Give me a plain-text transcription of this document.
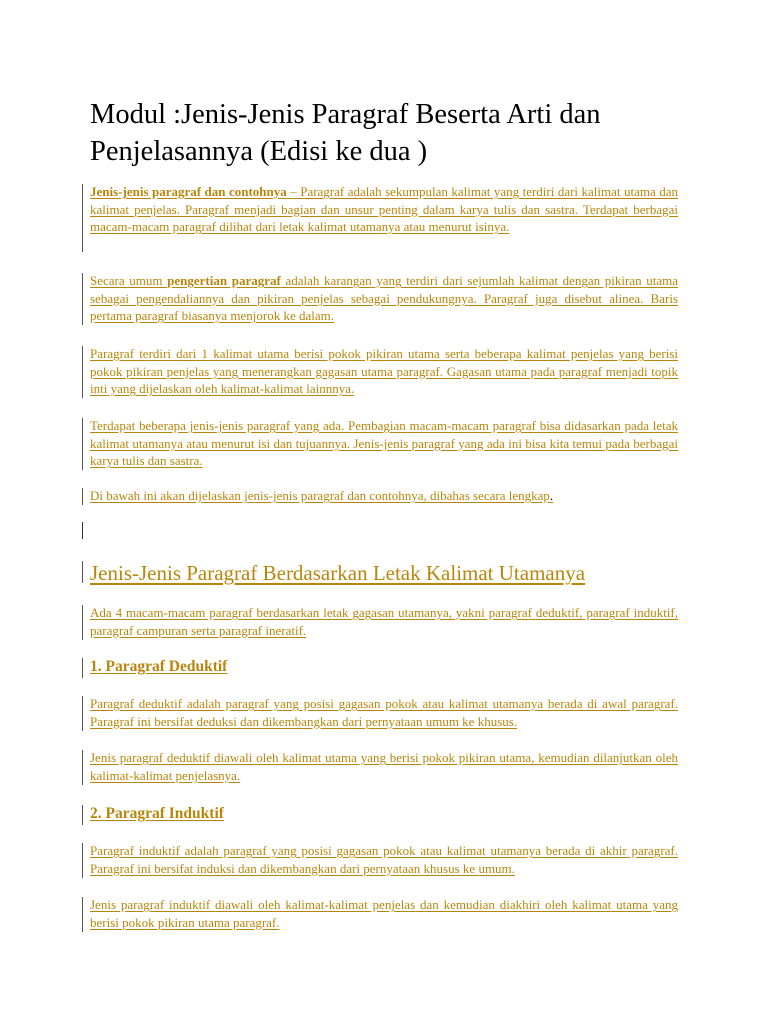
Modul :Jenis-Jenis Paragraf Beserta Arti dan Penjelasannya (Edisi ke dua )

Jenis-jenis paragraf dan contohnya – Paragraf adalah sekumpulan kalimat yang terdiri dari kalimat utama dan kalimat penjelas. Paragraf menjadi bagian dan unsur penting dalam karya tulis dan sastra. Terdapat berbagai macam-macam paragraf dilihat dari letak kalimat utamanya atau menurut isinya.

Secara umum pengertian paragraf adalah karangan yang terdiri dari sejumlah kalimat dengan pikiran utama sebagai pengendaliannya dan pikiran penjelas sebagai pendukungnya. Paragraf juga disebut alinea. Baris pertama paragraf biasanya menjorok ke dalam.

Paragraf terdiri dari 1 kalimat utama berisi pokok pikiran utama serta beberapa kalimat penjelas yang berisi pokok pikiran penjelas yang menerangkan gagasan utama paragraf. Gagasan utama pada paragraf menjadi topik inti yang dijelaskan oleh kalimat-kalimat lainnnya.

Terdapat beberapa jenis-jenis paragraf yang ada. Pembagian macam-macam paragraf bisa didasarkan pada letak kalimat utamanya atau menurut isi dan tujuannya. Jenis-jenis paragraf yang ada ini bisa kita temui pada berbagai karya tulis dan sastra.

Di bawah ini akan dijelaskan jenis-jenis paragraf dan contohnya, dibahas secara lengkap.

Jenis-Jenis Paragraf Berdasarkan Letak Kalimat Utamanya

Ada 4 macam-macam paragraf berdasarkan letak gagasan utamanya, yakni paragraf deduktif, paragraf induktif, paragraf campuran serta paragraf ineratif.

1. Paragraf Deduktif

Paragraf deduktif adalah paragraf yang posisi gagasan pokok atau kalimat utamanya berada di awal paragraf. Paragraf ini bersifat deduksi dan dikembangkan dari pernyataan umum ke khusus.

Jenis paragraf deduktif diawali oleh kalimat utama yang berisi pokok pikiran utama, kemudian dilanjutkan oleh kalimat-kalimat penjelasnya.

2. Paragraf Induktif

Paragraf induktif adalah paragraf yang posisi gagasan pokok atau kalimat utamanya berada di akhir paragraf. Paragraf ini bersifat induksi dan dikembangkan dari pernyataan khusus ke umum.

Jenis paragraf induktif diawali oleh kalimat-kalimat penjelas dan kemudian diakhiri oleh kalimat utama yang berisi pokok pikiran utama paragraf.
